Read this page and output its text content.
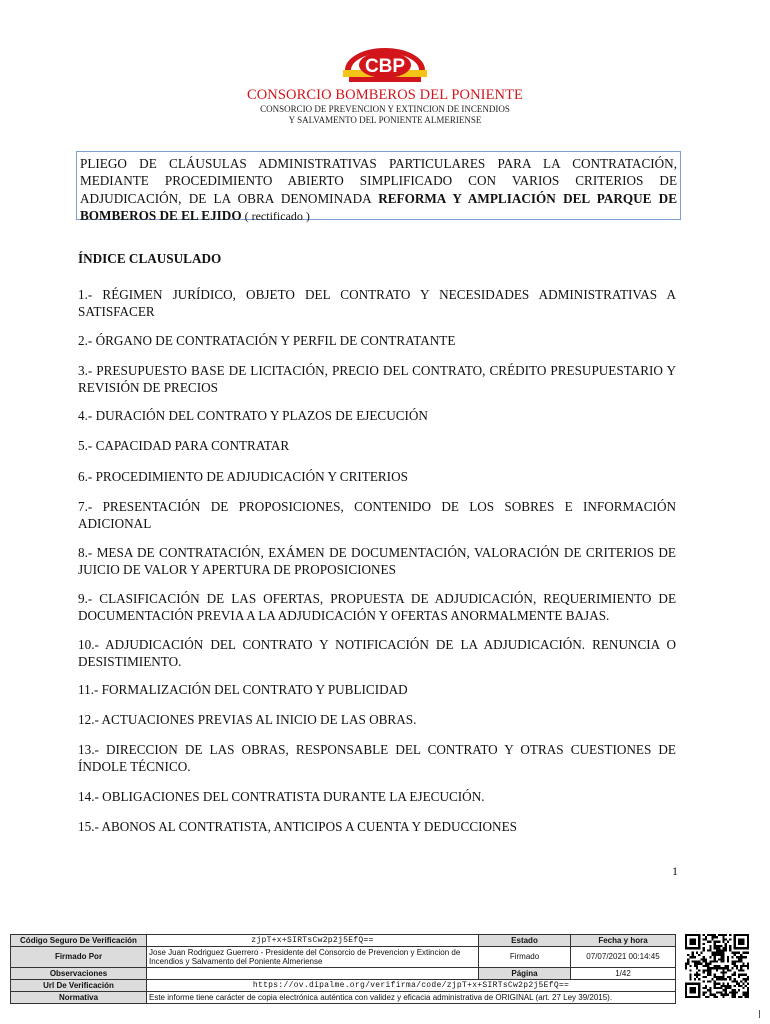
CBP
CONSORCIO BOMBEROS DEL PONIENTE
CONSORCIO DE PREVENCION Y EXTINCION DE INCENDIOS
Y SALVAMENTO DEL PONIENTE ALMERIENSE
PLIEGO DE CLÁUSULAS ADMINISTRATIVAS PARTICULARES PARA LA CONTRATACIÓN, MEDIANTE PROCEDIMIENTO ABIERTO SIMPLIFICADO CON VARIOS CRITERIOS DE ADJUDICACIÓN, DE LA OBRA DENOMINADA REFORMA Y AMPLIACIÓN DEL PARQUE DE BOMBEROS DE EL EJIDO ( rectificado )
ÍNDICE CLAUSULADO
1.- RÉGIMEN JURÍDICO, OBJETO DEL CONTRATO Y NECESIDADES ADMINISTRATIVAS A SATISFACER
2.- ÓRGANO DE CONTRATACIÓN Y PERFIL DE CONTRATANTE
3.- PRESUPUESTO BASE DE LICITACIÓN, PRECIO DEL CONTRATO, CRÉDITO PRESUPUESTARIO Y REVISIÓN DE PRECIOS
4.- DURACIÓN DEL CONTRATO Y PLAZOS DE EJECUCIÓN
5.- CAPACIDAD PARA CONTRATAR
6.- PROCEDIMIENTO DE ADJUDICACIÓN Y CRITERIOS
7.- PRESENTACIÓN DE PROPOSICIONES, CONTENIDO DE LOS SOBRES E INFORMACIÓN ADICIONAL
8.- MESA DE CONTRATACIÓN, EXÁMEN DE DOCUMENTACIÓN, VALORACIÓN DE CRITERIOS DE JUICIO DE VALOR Y APERTURA DE PROPOSICIONES
9.- CLASIFICACIÓN DE LAS OFERTAS, PROPUESTA DE ADJUDICACIÓN, REQUERIMIENTO DE DOCUMENTACIÓN PREVIA A LA ADJUDICACIÓN Y OFERTAS ANORMALMENTE BAJAS.
10.- ADJUDICACIÓN DEL CONTRATO Y NOTIFICACIÓN DE LA ADJUDICACIÓN. RENUNCIA O DESISTIMIENTO.
11.- FORMALIZACIÓN DEL CONTRATO Y PUBLICIDAD
12.- ACTUACIONES PREVIAS AL INICIO DE LAS OBRAS.
13.- DIRECCION DE LAS OBRAS, RESPONSABLE DEL CONTRATO Y OTRAS CUESTIONES DE ÍNDOLE TÉCNICO.
14.- OBLIGACIONES DEL CONTRATISTA DURANTE LA EJECUCIÓN.
15.- ABONOS AL CONTRATISTA, ANTICIPOS A CUENTA Y DEDUCCIONES
1
Código Seguro De Verificación	zjpT+x+SIRTsCw2p2j5EfQ==	Estado	Fecha y hora
Firmado Por	Jose Juan Rodriguez Guerrero - Presidente del Consorcio de Prevencion y Extincion de Incendios y Salvamento del Poniente Almeriense	Firmado	07/07/2021 00:14:45
Observaciones		Página	1/42
Url De Verificación	https://ov.dipalme.org/verifirma/code/zjpT+x+SIRTsCw2p2j5EfQ==		
Normativa	Este informe tiene carácter de copia electrónica auténtica con validez y eficacia administrativa de ORIGINAL (art. 27 Ley 39/2015).		
